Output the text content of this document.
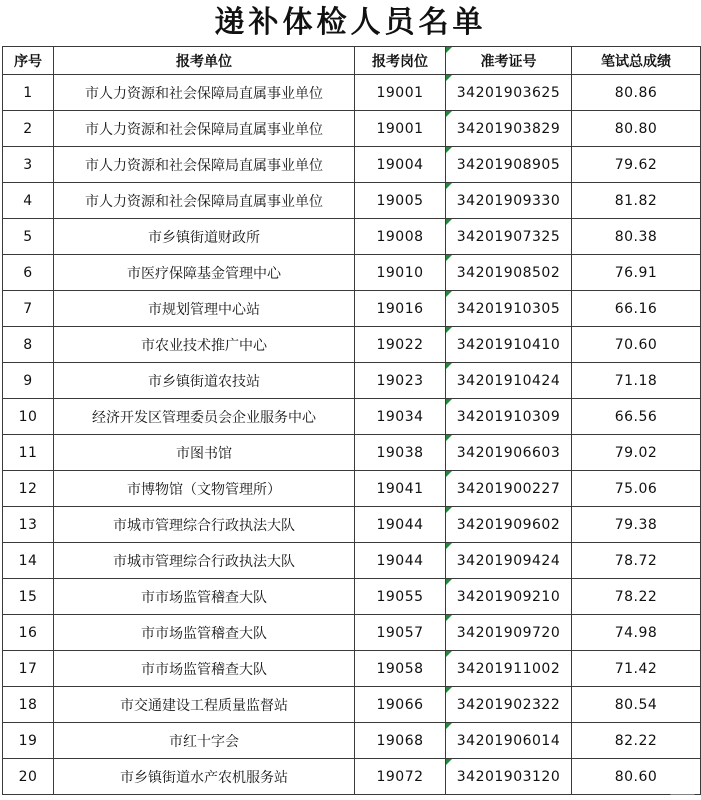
递补体检人员名单
序号	报考单位	报考岗位	准考证号	笔试总成绩
1	市人力资源和社会保障局直属事业单位	19001	34201903625	80.86
2	市人力资源和社会保障局直属事业单位	19001	34201903829	80.80
3	市人力资源和社会保障局直属事业单位	19004	34201908905	79.62
4	市人力资源和社会保障局直属事业单位	19005	34201909330	81.82
5	市乡镇街道财政所	19008	34201907325	80.38
6	市医疗保障基金管理中心	19010	34201908502	76.91
7	市规划管理中心站	19016	34201910305	66.16
8	市农业技术推广中心	19022	34201910410	70.60
9	市乡镇街道农技站	19023	34201910424	71.18
10	经济开发区管理委员会企业服务中心	19034	34201910309	66.56
11	市图书馆	19038	34201906603	79.02
12	市博物馆（文物管理所）	19041	34201900227	75.06
13	市城市管理综合行政执法大队	19044	34201909602	79.38
14	市城市管理综合行政执法大队	19044	34201909424	78.72
15	市市场监管稽查大队	19055	34201909210	78.22
16	市市场监管稽查大队	19057	34201909720	74.98
17	市市场监管稽查大队	19058	34201911002	71.42
18	市交通建设工程质量监督站	19066	34201902322	80.54
19	市红十字会	19068	34201906014	82.22
20	市乡镇街道水产农机服务站	19072	34201903120	80.60
⸻
